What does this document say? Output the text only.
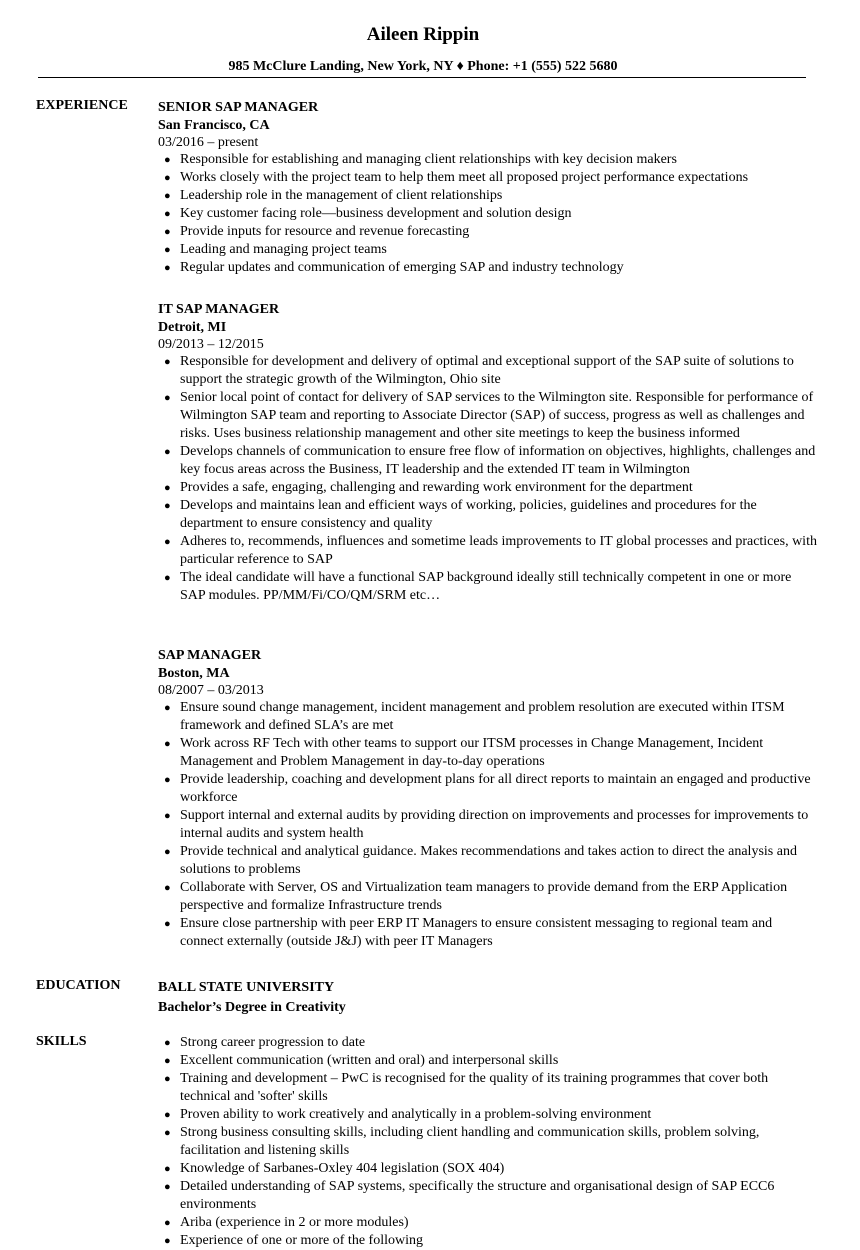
Aileen Rippin
985 McClure Landing, New York, NY ♦ Phone: +1 (555) 522 5680
EXPERIENCE SENIOR SAP MANAGER
San Francisco, CA
03/2016 – present
● Responsible for establishing and managing client relationships with key decision makers
● Works closely with the project team to help them meet all proposed project performance expectations
● Leadership role in the management of client relationships
● Key customer facing role—business development and solution design
● Provide inputs for resource and revenue forecasting
● Leading and managing project teams
● Regular updates and communication of emerging SAP and industry technology
IT SAP MANAGER
Detroit, MI
09/2013 – 12/2015
● Responsible for development and delivery of optimal and exceptional support of the SAP suite of solutions to support the strategic growth of the Wilmington, Ohio site
● Senior local point of contact for delivery of SAP services to the Wilmington site. Responsible for performance of Wilmington SAP team and reporting to Associate Director (SAP) of success, progress as well as challenges and risks. Uses business relationship management and other site meetings to keep the business informed
● Develops channels of communication to ensure free flow of information on objectives, highlights, challenges and key focus areas across the Business, IT leadership and the extended IT team in Wilmington
● Provides a safe, engaging, challenging and rewarding work environment for the department
● Develops and maintains lean and efficient ways of working, policies, guidelines and procedures for the department to ensure consistency and quality
● Adheres to, recommends, influences and sometime leads improvements to IT global processes and practices, with particular reference to SAP
● The ideal candidate will have a functional SAP background ideally still technically competent in one or more SAP modules. PP/MM/Fi/CO/QM/SRM etc…
SAP MANAGER
Boston, MA
08/2007 – 03/2013
● Ensure sound change management, incident management and problem resolution are executed within ITSM framework and defined SLA’s are met
● Work across RF Tech with other teams to support our ITSM processes in Change Management, Incident Management and Problem Management in day-to-day operations
● Provide leadership, coaching and development plans for all direct reports to maintain an engaged and productive workforce
● Support internal and external audits by providing direction on improvements and processes for improvements to internal audits and system health
● Provide technical and analytical guidance. Makes recommendations and takes action to direct the analysis and solutions to problems
● Collaborate with Server, OS and Virtualization team managers to provide demand from the ERP Application perspective and formalize Infrastructure trends
● Ensure close partnership with peer ERP IT Managers to ensure consistent messaging to regional team and connect externally (outside J&J) with peer IT Managers
EDUCATION	BALL STATE UNIVERSITY
Bachelor’s Degree in Creativity
SKILLS	● Strong career progression to date
● Excellent communication (written and oral) and interpersonal skills
● Training and development – PwC is recognised for the quality of its training programmes that cover both technical and 'softer' skills
● Proven ability to work creatively and analytically in a problem-solving environment
● Strong business consulting skills, including client handling and communication skills, problem solving, facilitation and listening skills
● Knowledge of Sarbanes-Oxley 404 legislation (SOX 404)
● Detailed understanding of SAP systems, specifically the structure and organisational design of SAP ECC6 environments
● Ariba (experience in 2 or more modules)
● Experience of one or more of the following
